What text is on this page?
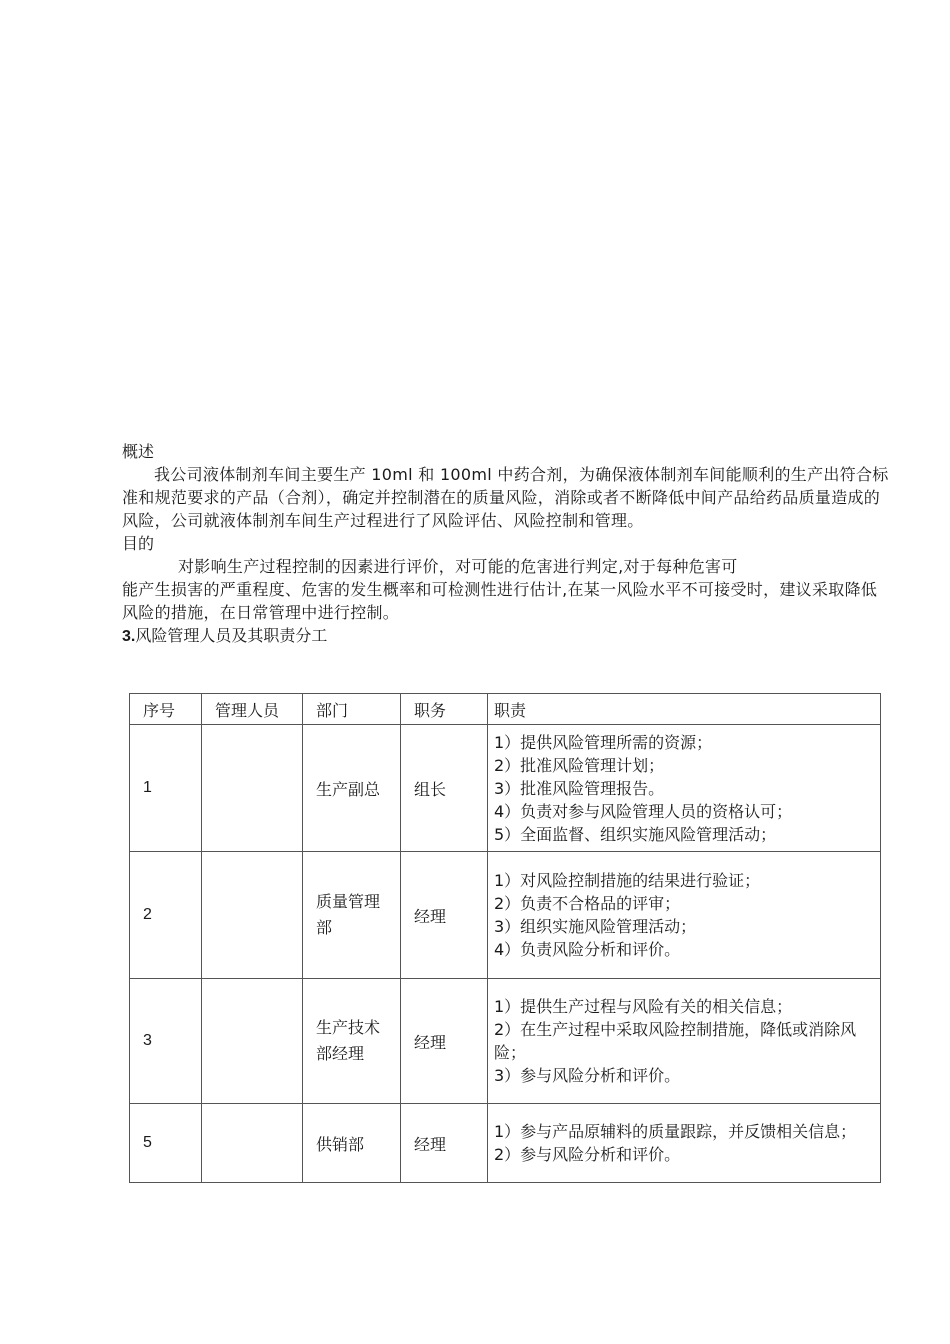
概述

我公司液体制剂车间主要生产 10ml 和 100ml 中药合剂，为确保液体制剂车间能顺利的生产出符合标准和规范要求的产品（合剂），确定并控制潜在的质量风险，消除或者不断降低中间产品给药品质量造成的风险，公司就液体制剂车间生产过程进行了风险评估、风险控制和管理。

目的

对影响生产过程控制的因素进行评价，对可能的危害进行判定,对于每种危害可

能产生损害的严重程度、危害的发生概率和可检测性进行估计,在某一风险水平不可接受时，建议采取降低风险的措施，在日常管理中进行控制。

3.风险管理人员及其职责分工

序号	管理人员	部门	职务	职责
1		生产副总	组长	1）提供风险管理所需的资源；
2）批准风险管理计划；
3）批准风险管理报告。
4）负责对参与风险管理人员的资格认可；
5）全面监督、组织实施风险管理活动；

2		质量管理部	经理	1）对风险控制措施的结果进行验证；
2）负责不合格品的评审；
3）组织实施风险管理活动；
4）负责风险分析和评价。

3		生产技术部经理	经理	1）提供生产过程与风险有关的相关信息；
2）在生产过程中采取风险控制措施，降低或消除风险；
3）参与风险分析和评价。

5		供销部	经理	1）参与产品原辅料的质量跟踪，并反馈相关信息；
2）参与风险分析和评价。
